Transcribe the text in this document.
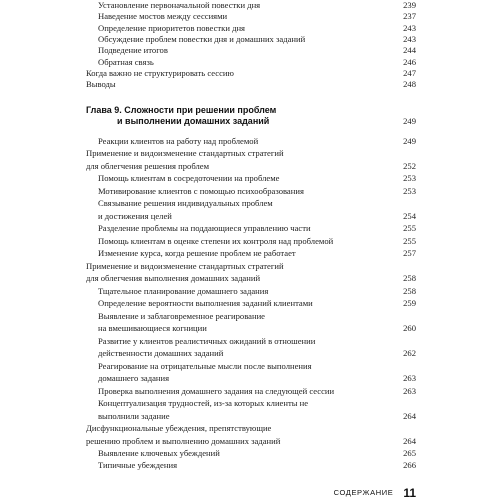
Установление первоначальной повестки дня	239
Наведение мостов между сессиями	237
Определение приоритетов повестки дня	243
Обсуждение проблем повестки дня и домашних заданий	243
Подведение итогов	244
Обратная связь	246
Когда важно не структурировать сессию	247
Выводы	248
Глава 9. Сложности при решении проблем
и выполнении домашних заданий	249
Реакции клиентов на работу над проблемой	249
Применение и видоизменение стандартных стратегий
для облегчения решения проблем	252
Помощь клиентам в сосредоточении на проблеме	253
Мотивирование клиентов с помощью психообразования	253
Связывание решения индивидуальных проблем
и достижения целей	254
Разделение проблемы на поддающиеся управлению части	255
Помощь клиентам в оценке степени их контроля над проблемой	255
Изменение курса, когда решение проблем не работает	257
Применение и видоизменение стандартных стратегий
для облегчения выполнения домашних заданий	258
Тщательное планирование домашнего задания	258
Определение вероятности выполнения заданий клиентами	259
Выявление и заблаговременное реагирование
на вмешивающиеся когниции	260
Развитие у клиентов реалистичных ожиданий в отношении
действенности домашних заданий	262
Реагирование на отрицательные мысли после выполнения
домашнего задания	263
Проверка выполнения домашнего задания на следующей сессии	263
Концептуализация трудностей, из-за которых клиенты не
выполнили задание	264
Дисфункциональные убеждения, препятствующие
решению проблем и выполнению домашних заданий	264
Выявление ключевых убеждений	265
Типичные убеждения	266
СОДЕРЖАНИЕ 11
